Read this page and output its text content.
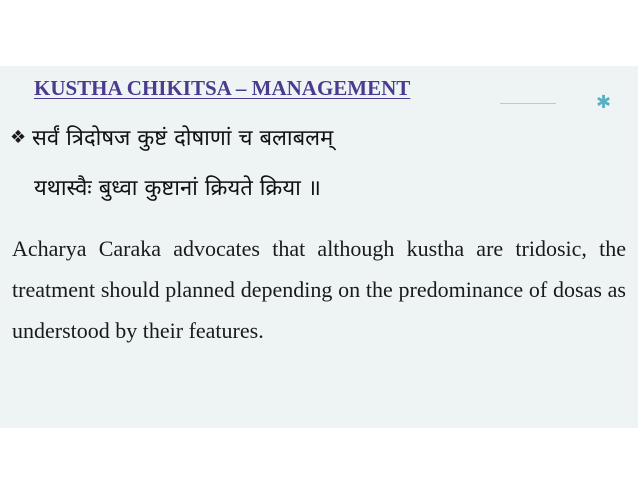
KUSTHA CHIKITSA – MANAGEMENT
✱

❖ सर्वं त्रिदोषज कुष्टं दोषाणां च बलाबलम्

यथास्वैः बुध्वा कुष्टानां क्रियते क्रिया ॥

Acharya Caraka advocates that although kustha are tridosic, the treatment should planned depending on the predominance of dosas as understood by their features.
